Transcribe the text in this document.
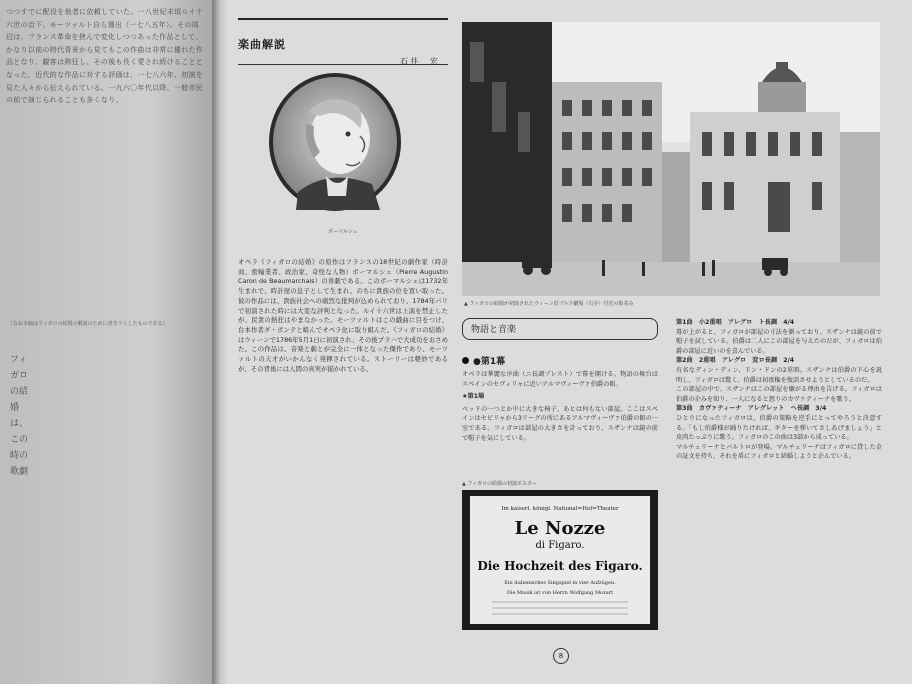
つつすでに配役を他者に依頼していた。一八世紀末頃ルイ十六世の治下、モーツァルト自ら選出（一七八五年）。その周辺は、フランス革命を挟んで変化しつつあった作品として、かなり以前の時代背景から見てもこの作曲は非常に優れた作品となり、観客は熱狂し、その後も長く愛され続けることとなった。近代的な作品に対する評価は、一七八六年、初演を見た人々から伝えられている。一九六〇年代以降、一般市民の前で演じられることも多くなり、
（なお本稿はフィガロの結婚の解説のために書き下ろしたものである）
フィガロの結婚は、この時の歌劇
楽曲解説
石井　宏
ボーマルシェ
オペラ《フィガロの結婚》の原作はフランスの18世紀の劇作家（時計商、密輸業者、政治家、奇怪な人物）ボーマルシェ（Pierre Augustin Caron de Beaumarchais）の喜劇である。このボーマルシェは1732年生まれで、時計屋の息子として生まれ、のちに貴族の位を買い取った。彼の作品には、貴族社会への痛烈な批判が込められており、1784年パリで初演された時には大変な評判となった。ルイ十六世は上演を禁止したが、民衆の熱狂はやまなかった。モーツァルトはこの戯曲に目をつけ、台本作者ダ・ポンテと組んでオペラ化に取り組んだ。《フィガロの結婚》はウィーンで1786年5月1日に初演され、その後プラハで大成功をおさめた。この作品は、音楽と劇とが完全に一体となった傑作であり、モーツァルトの天才がいかんなく発揮されている。ストーリーは軽妙であるが、その背後には人間の真実が描かれている。
▲ フィガロの結婚が初演されたウィーン旧ブルク劇場（右手）付近の街並み
物語と音楽
●第1幕
オペラは華麗な序曲（ニ長調プレスト）で幕を開ける。物語の舞台はスペインのセヴィリャに近いアルマヴィーヴァ伯爵の館。
★第1場
ベッドの一つとか中に大きな椅子、あとは何もない部屋。ここはスペインはセビリャから3リーグの所にあるアルマヴィーヴァ伯爵の館の一室である。フィガロは部屋の大きさを計っており、スザンナは鏡の前で帽子を気にしている。
▲ フィガロの結婚の初演ポスター
Im kaiserl. königl. National=Hof=Theater
Le Nozze
di Figaro.
Die Hochzeit des Figaro.
Ein italienisches Singspiel in vier Aufzügen.
Die Musik ist von Herrn Wolfgang Mozart
第1曲　小2重唱　アレグロ　ト長調　4/4
幕が上がると、フィガロが部屋の寸法を測っており、スザンナは鏡の前で帽子を試している。伯爵は二人にこの部屋を与えたのだが、フィガロは伯爵の部屋に近いのを喜んでいる。
第2曲　2重唱　アレグロ　変ロ長調　2/4
有名なディン・ディン、ドン・ドンの2重唱。スザンナは伯爵の下心を説明し、フィガロは驚く。伯爵は初夜権を復活させようとしているのだ。
この部屋の中で、スザンナはこの部屋を嫌がる理由を告げる。フィガロは伯爵の企みを知り、一人になると怒りのカヴァティーナを歌う。
第3曲　カヴァティーナ　アレグレット　ヘ長調　3/4
ひとりになったフィガロは、伯爵の策略を逆手にとってやろうと決意する。「もし伯爵様が踊りたければ、ギターを弾いてさしあげましょう」と皮肉たっぷりに歌う。フィガロのこの曲は3部から成っている。
マルチェリーナとバルトロが登場。マルチェリーナはフィガロに貸した金の証文を持ち、それを盾にフィガロと結婚しようと企んでいる。
8
